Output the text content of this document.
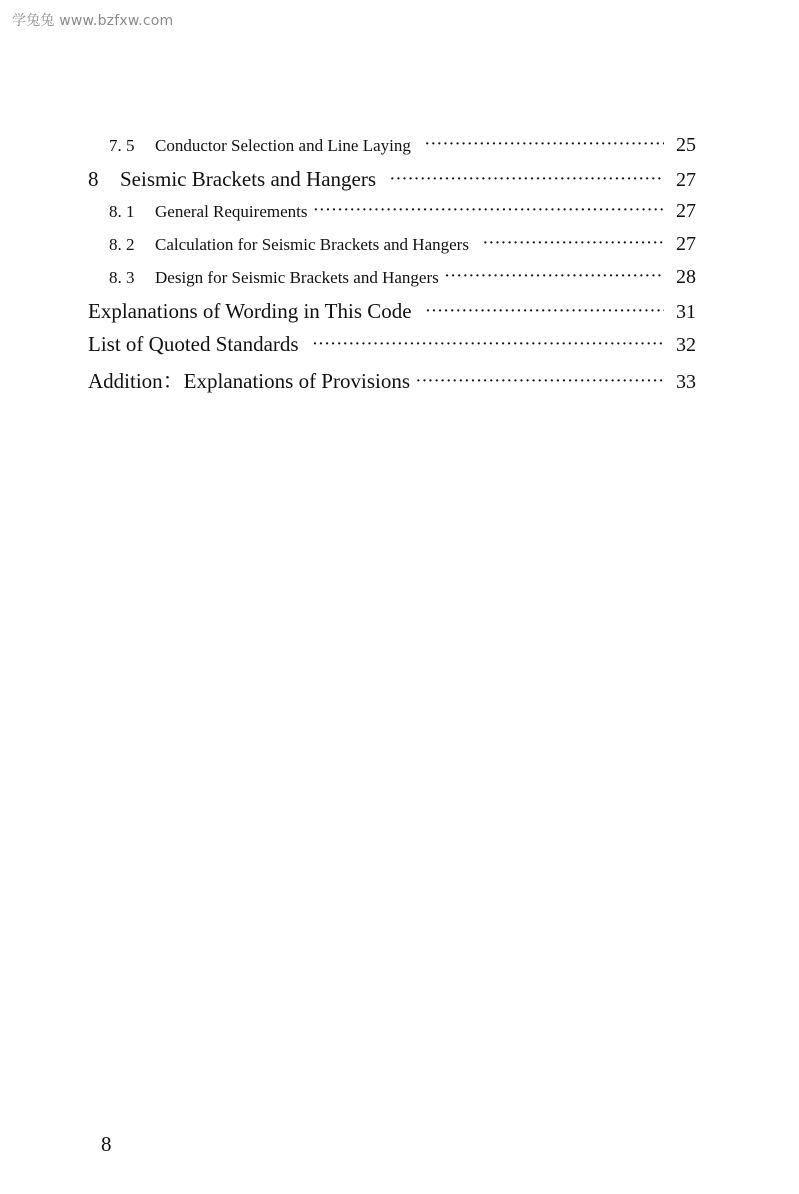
学兔兔 www.bzfxw.com
7. 5	Conductor Selection and Line Laying ·····	25
8	Seismic Brackets and Hangers ·····	27
8. 1	General Requirements ·····	27
8. 2	Calculation for Seismic Brackets and Hangers ·····	27
8. 3	Design for Seismic Brackets and Hangers ·····	28
Explanations of Wording in This Code ·····	31
List of Quoted Standards ·····	32
Addition：Explanations of Provisions ·····	33
8
